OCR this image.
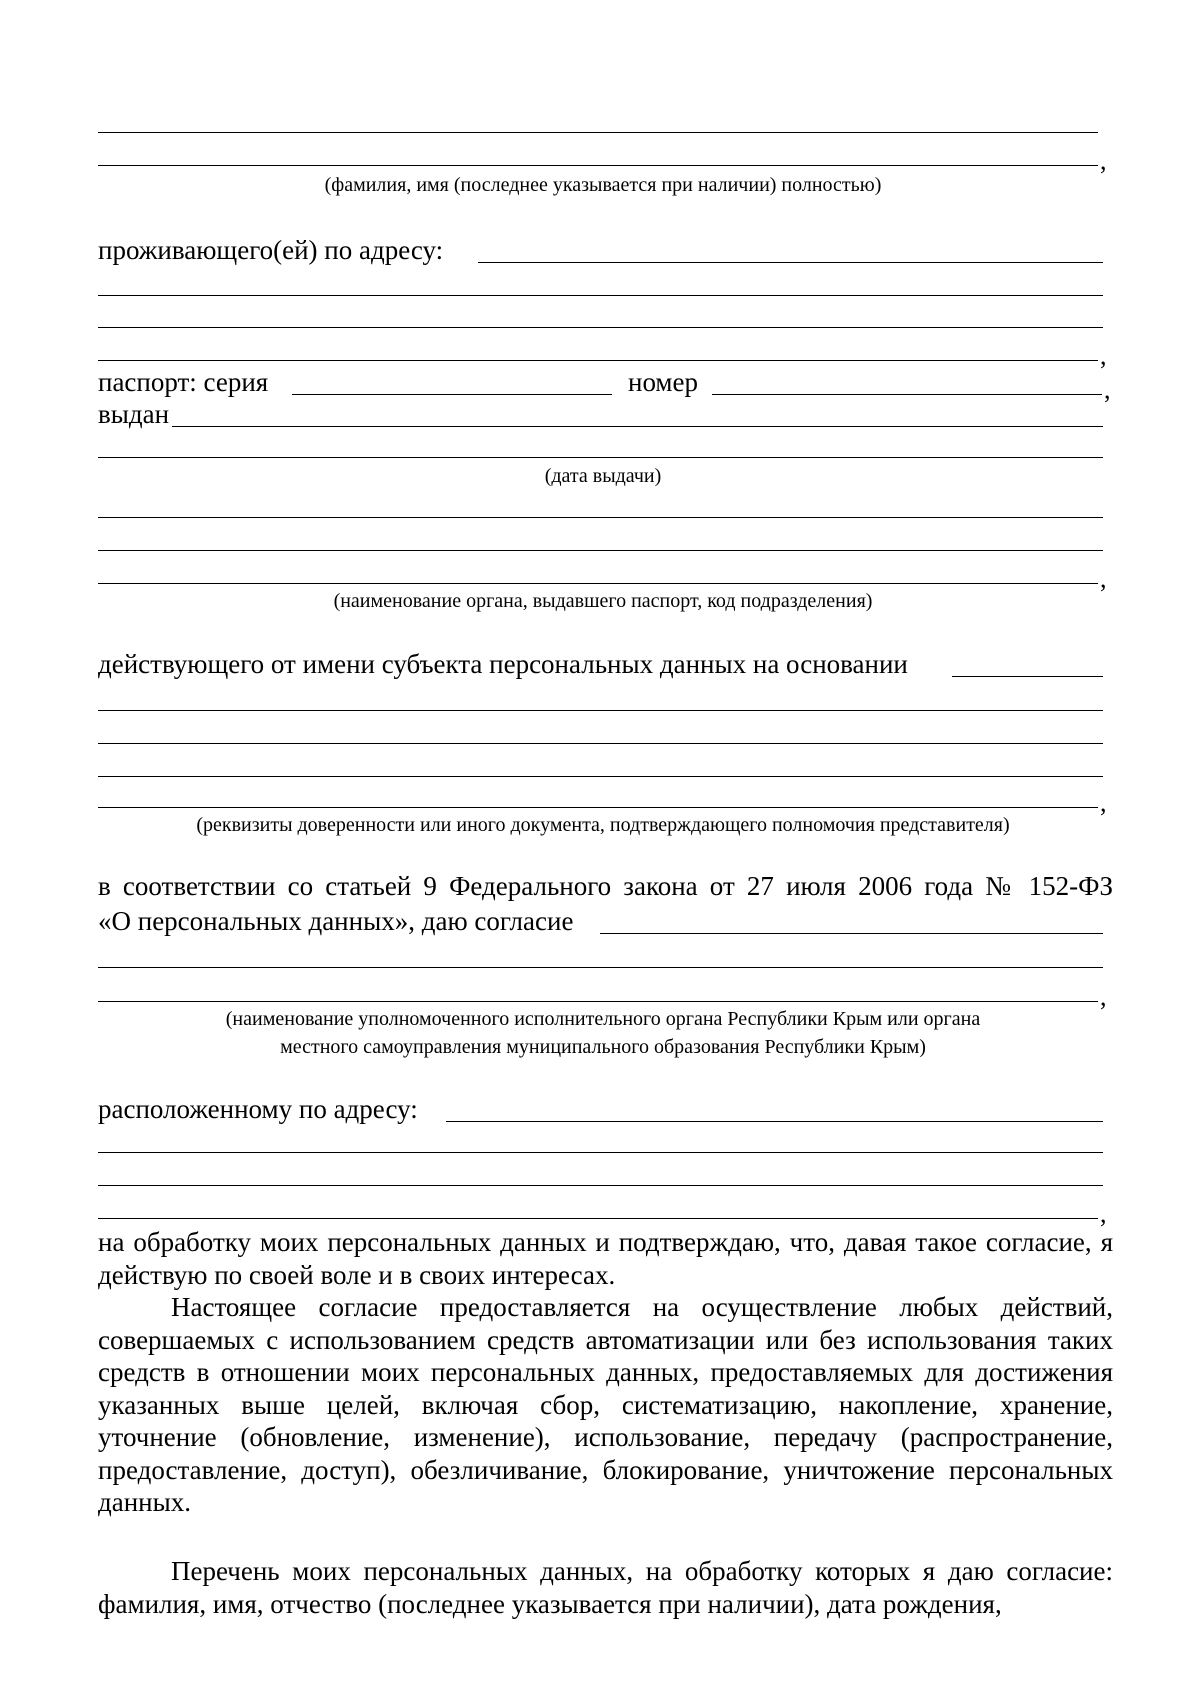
,
(фамилия, имя (последнее указывается при наличии) полностью)
проживающего(ей) по адресу:
,
паспорт: серия	номер	,
выдан
(дата выдачи)
,
(наименование органа, выдавшего паспорт, код подразделения)
действующего от имени субъекта персональных данных на основании
,
(реквизиты доверенности или иного документа, подтверждающего полномочия представителя)
в соответствии со статьей 9 Федерального закона от 27 июля 2006 года № 152-ФЗ
«О персональных данных», даю согласие
,
(наименование уполномоченного исполнительного органа Республики Крым или органа
местного самоуправления муниципального образования Республики Крым)
расположенному по адресу:
,
на обработку моих персональных данных и подтверждаю, что, давая такое согласие, я действую по своей воле и в своих интересах.
Настоящее согласие предоставляется на осуществление любых действий, совершаемых с использованием средств автоматизации или без использования таких средств в отношении моих персональных данных, предоставляемых для достижения указанных выше целей, включая сбор, систематизацию, накопление, хранение, уточнение (обновление, изменение), использование, передачу (распространение, предоставление, доступ), обезличивание, блокирование, уничтожение персональных данных.
Перечень моих персональных данных, на обработку которых я даю согласие: фамилия, имя, отчество (последнее указывается при наличии), дата рождения,
